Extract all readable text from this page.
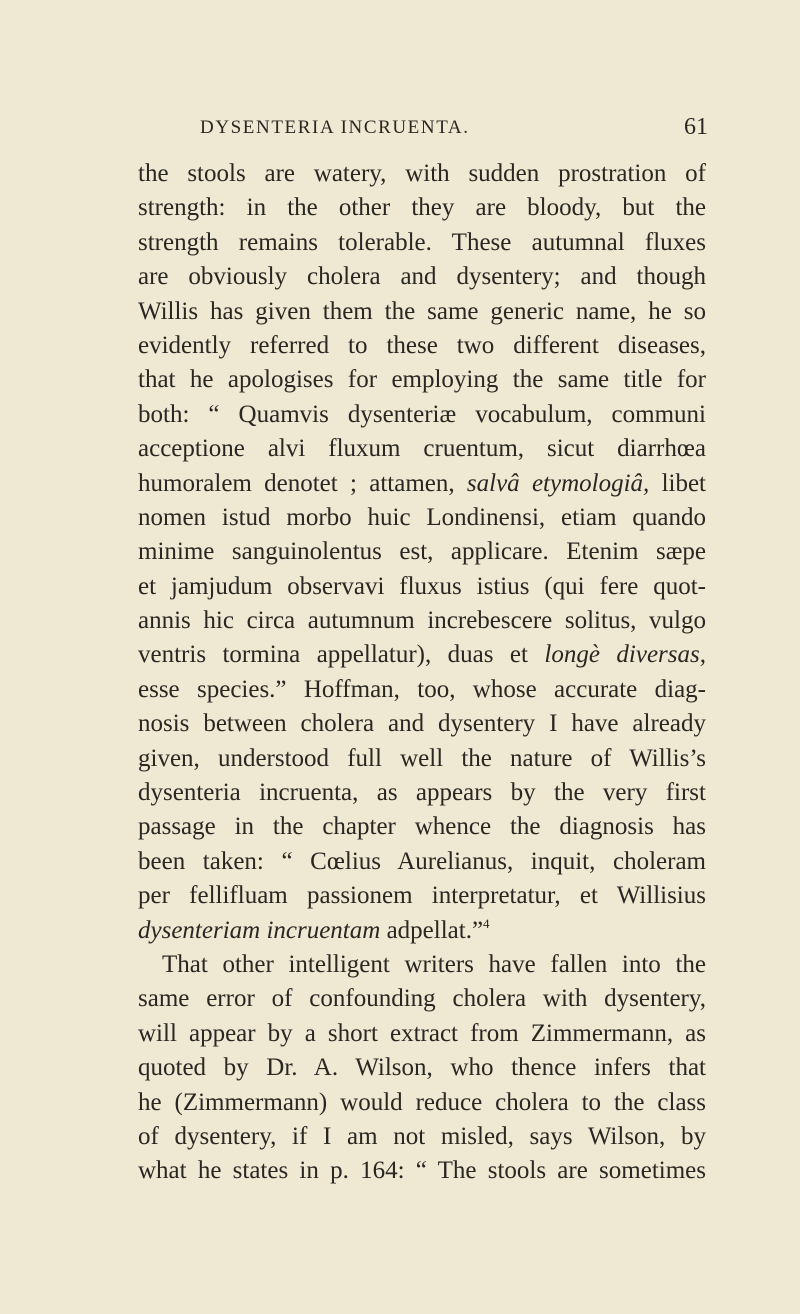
DYSENTERIA INCRUENTA.	61
the stools are watery, with sudden prostration of
strength: in the other they are bloody, but the
strength remains tolerable. These autumnal fluxes
are obviously cholera and dysentery; and though
Willis has given them the same generic name, he so
evidently referred to these two different diseases,
that he apologises for employing the same title for
both: “ Quamvis dysenteriæ vocabulum, communi
acceptione alvi fluxum cruentum, sicut diarrhœa
humoralem denotet ; attamen, salvâ etymologiâ, libet
nomen istud morbo huic Londinensi, etiam quando
minime sanguinolentus est, applicare. Etenim sæpe
et jamjudum observavi fluxus istius (qui fere quot-
annis hic circa autumnum increbescere solitus, vulgo
ventris tormina appellatur), duas et longè diversas,
esse species.” Hoffman, too, whose accurate diag-
nosis between cholera and dysentery I have already
given, understood full well the nature of Willis’s
dysenteria incruenta, as appears by the very first
passage in the chapter whence the diagnosis has
been taken: “ Cœlius Aurelianus, inquit, choleram
per fellifluam passionem interpretatur, et Willisius
dysenteriam incruentam adpellat.”$^4$
That other intelligent writers have fallen into the
same error of confounding cholera with dysentery,
will appear by a short extract from Zimmermann, as
quoted by Dr. A. Wilson, who thence infers that
he (Zimmermann) would reduce cholera to the class
of dysentery, if I am not misled, says Wilson, by
what he states in p. 164: “ The stools are sometimes
